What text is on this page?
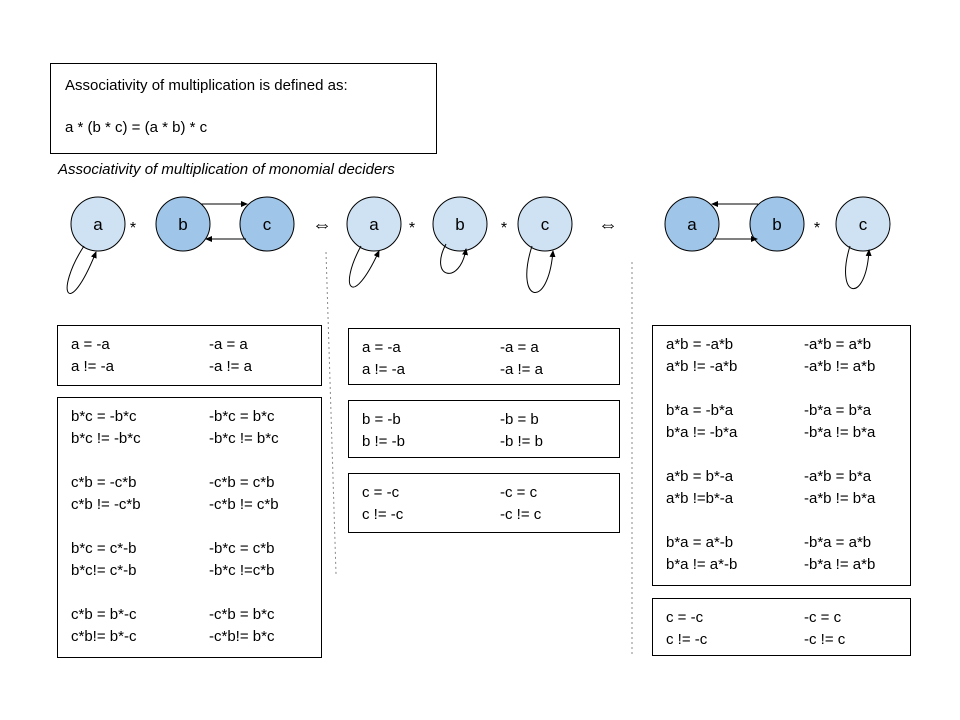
Associativity of multiplication is defined as:
a * (b * c) = (a * b) * c
Associativity of multiplication of monomial deciders
a	b	c
*	⇔ a	b	c
*	*	⇔	a	b	c
*
a = -a	-a = a
a != -a	-a != a
b*c = -b*c	-b*c = b*c
b*c != -b*c	-b*c != b*c
c*b = -c*b	-c*b = c*b
c*b != -c*b	-c*b != c*b
b*c = c*-b	-b*c = c*b
b*c!= c*-b	-b*c !=c*b
c*b = b*-c	-c*b = b*c
c*b!= b*-c	-c*b!= b*c
a = -a	-a = a
a != -a	-a != a
b = -b	-b = b
b != -b	-b != b
c = -c	-c = c
c != -c	-c != c
a*b = -a*b	-a*b = a*b
a*b != -a*b	-a*b != a*b
b*a = -b*a	-b*a = b*a
b*a != -b*a	-b*a != b*a
a*b = b*-a	-a*b = b*a
a*b !=b*-a	-a*b != b*a
b*a = a*-b	-b*a = a*b
b*a != a*-b	-b*a != a*b
c = -c	-c = c
c != -c	-c != c
